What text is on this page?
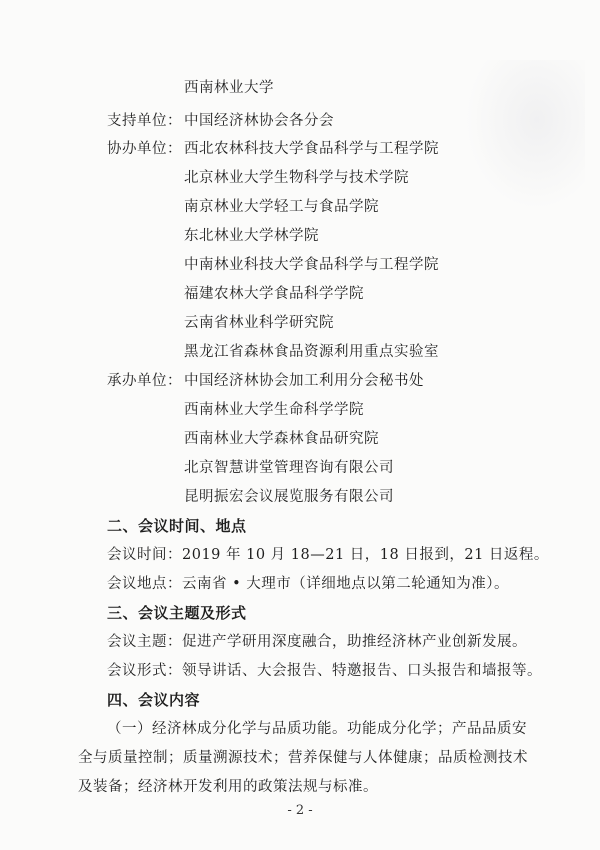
西南林业大学
支持单位： 中国经济林协会各分会
协办单位： 西北农林科技大学食品科学与工程学院
北京林业大学生物科学与技术学院
南京林业大学轻工与食品学院
东北林业大学林学院
中南林业科技大学食品科学与工程学院
福建农林大学食品科学学院
云南省林业科学研究院
黑龙江省森林食品资源利用重点实验室
承办单位： 中国经济林协会加工利用分会秘书处
西南林业大学生命科学学院
西南林业大学森林食品研究院
北京智慧讲堂管理咨询有限公司
昆明振宏会议展览服务有限公司
二、会议时间、地点
会议时间：2019 年 10 月 18—21 日，18 日报到，21 日返程。
会议地点：云南省 • 大理市（详细地点以第二轮通知为准）。
三、会议主题及形式
会议主题：促进产学研用深度融合，助推经济林产业创新发展。
会议形式：领导讲话、大会报告、特邀报告、口头报告和墙报等。
四、会议内容
（一）经济林成分化学与品质功能。功能成分化学；产品品质安
全与质量控制；质量溯源技术；营养保健与人体健康；品质检测技术
及装备；经济林开发利用的政策法规与标准。
- 2 -
